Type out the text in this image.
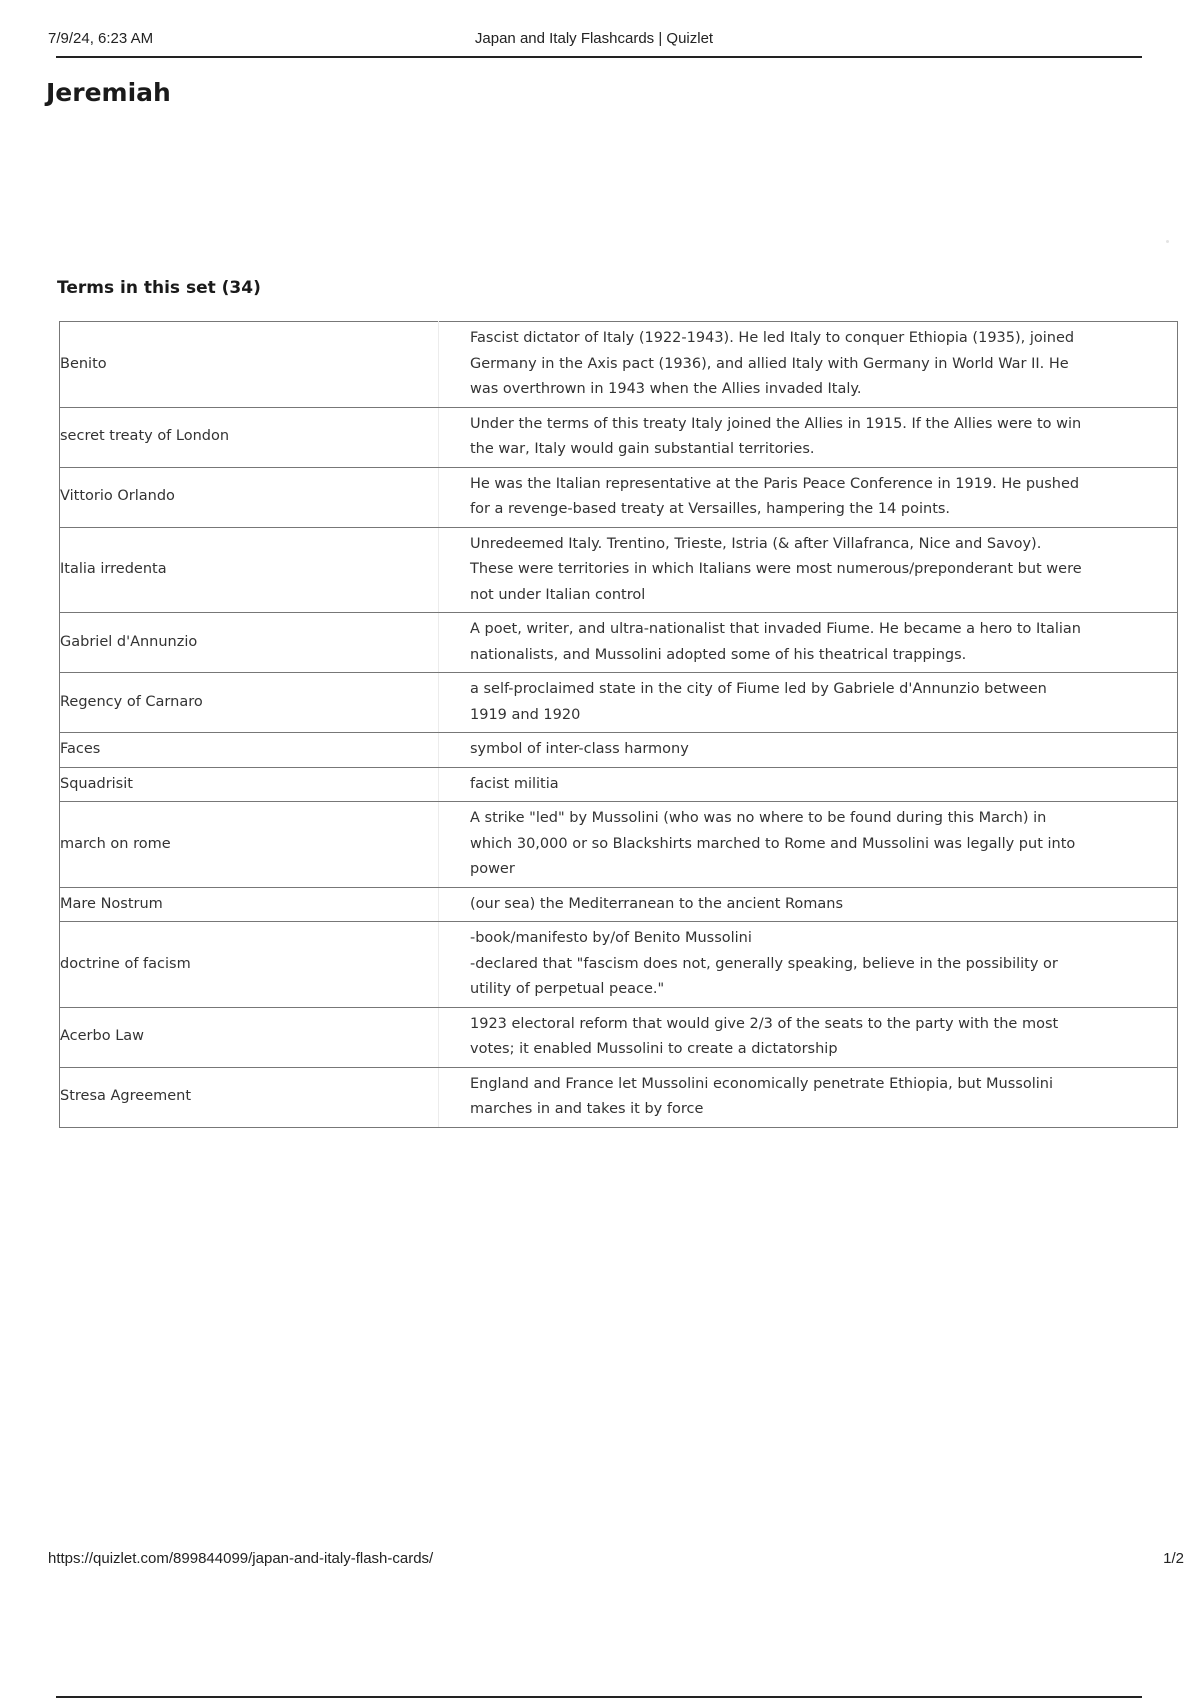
7/9/24, 6:23 AM	Japan and Italy Flashcards | Quizlet
Jeremiah
Terms in this set (34)
Benito	Fascist dictator of Italy (1922-1943). He led Italy to conquer Ethiopia (1935), joined Germany in the Axis pact (1936), and allied Italy with Germany in World War II. He was overthrown in 1943 when the Allies invaded Italy.
secret treaty of London	Under the terms of this treaty Italy joined the Allies in 1915. If the Allies were to win the war, Italy would gain substantial territories.
Vittorio Orlando	He was the Italian representative at the Paris Peace Conference in 1919. He pushed for a revenge-based treaty at Versailles, hampering the 14 points.
Italia irredenta	Unredeemed Italy. Trentino, Trieste, Istria (& after Villafranca, Nice and Savoy). These were territories in which Italians were most numerous/preponderant but were not under Italian control
Gabriel d'Annunzio	A poet, writer, and ultra-nationalist that invaded Fiume. He became a hero to Italian nationalists, and Mussolini adopted some of his theatrical trappings.
Regency of Carnaro	a self-proclaimed state in the city of Fiume led by Gabriele d'Annunzio between 1919 and 1920
Faces	symbol of inter-class harmony
Squadrisit	facist militia
march on rome	A strike "led" by Mussolini (who was no where to be found during this March) in which 30,000 or so Blackshirts marched to Rome and Mussolini was legally put into power
Mare Nostrum	(our sea) the Mediterranean to the ancient Romans
doctrine of facism	-book/manifesto by/of Benito Mussolini
-declared that "fascism does not, generally speaking, believe in the possibility or utility of perpetual peace."
Acerbo Law	1923 electoral reform that would give 2/3 of the seats to the party with the most votes; it enabled Mussolini to create a dictatorship
Stresa Agreement	England and France let Mussolini economically penetrate Ethiopia, but Mussolini marches in and takes it by force
https://quizlet.com/899844099/japan-and-italy-flash-cards/	1/2
